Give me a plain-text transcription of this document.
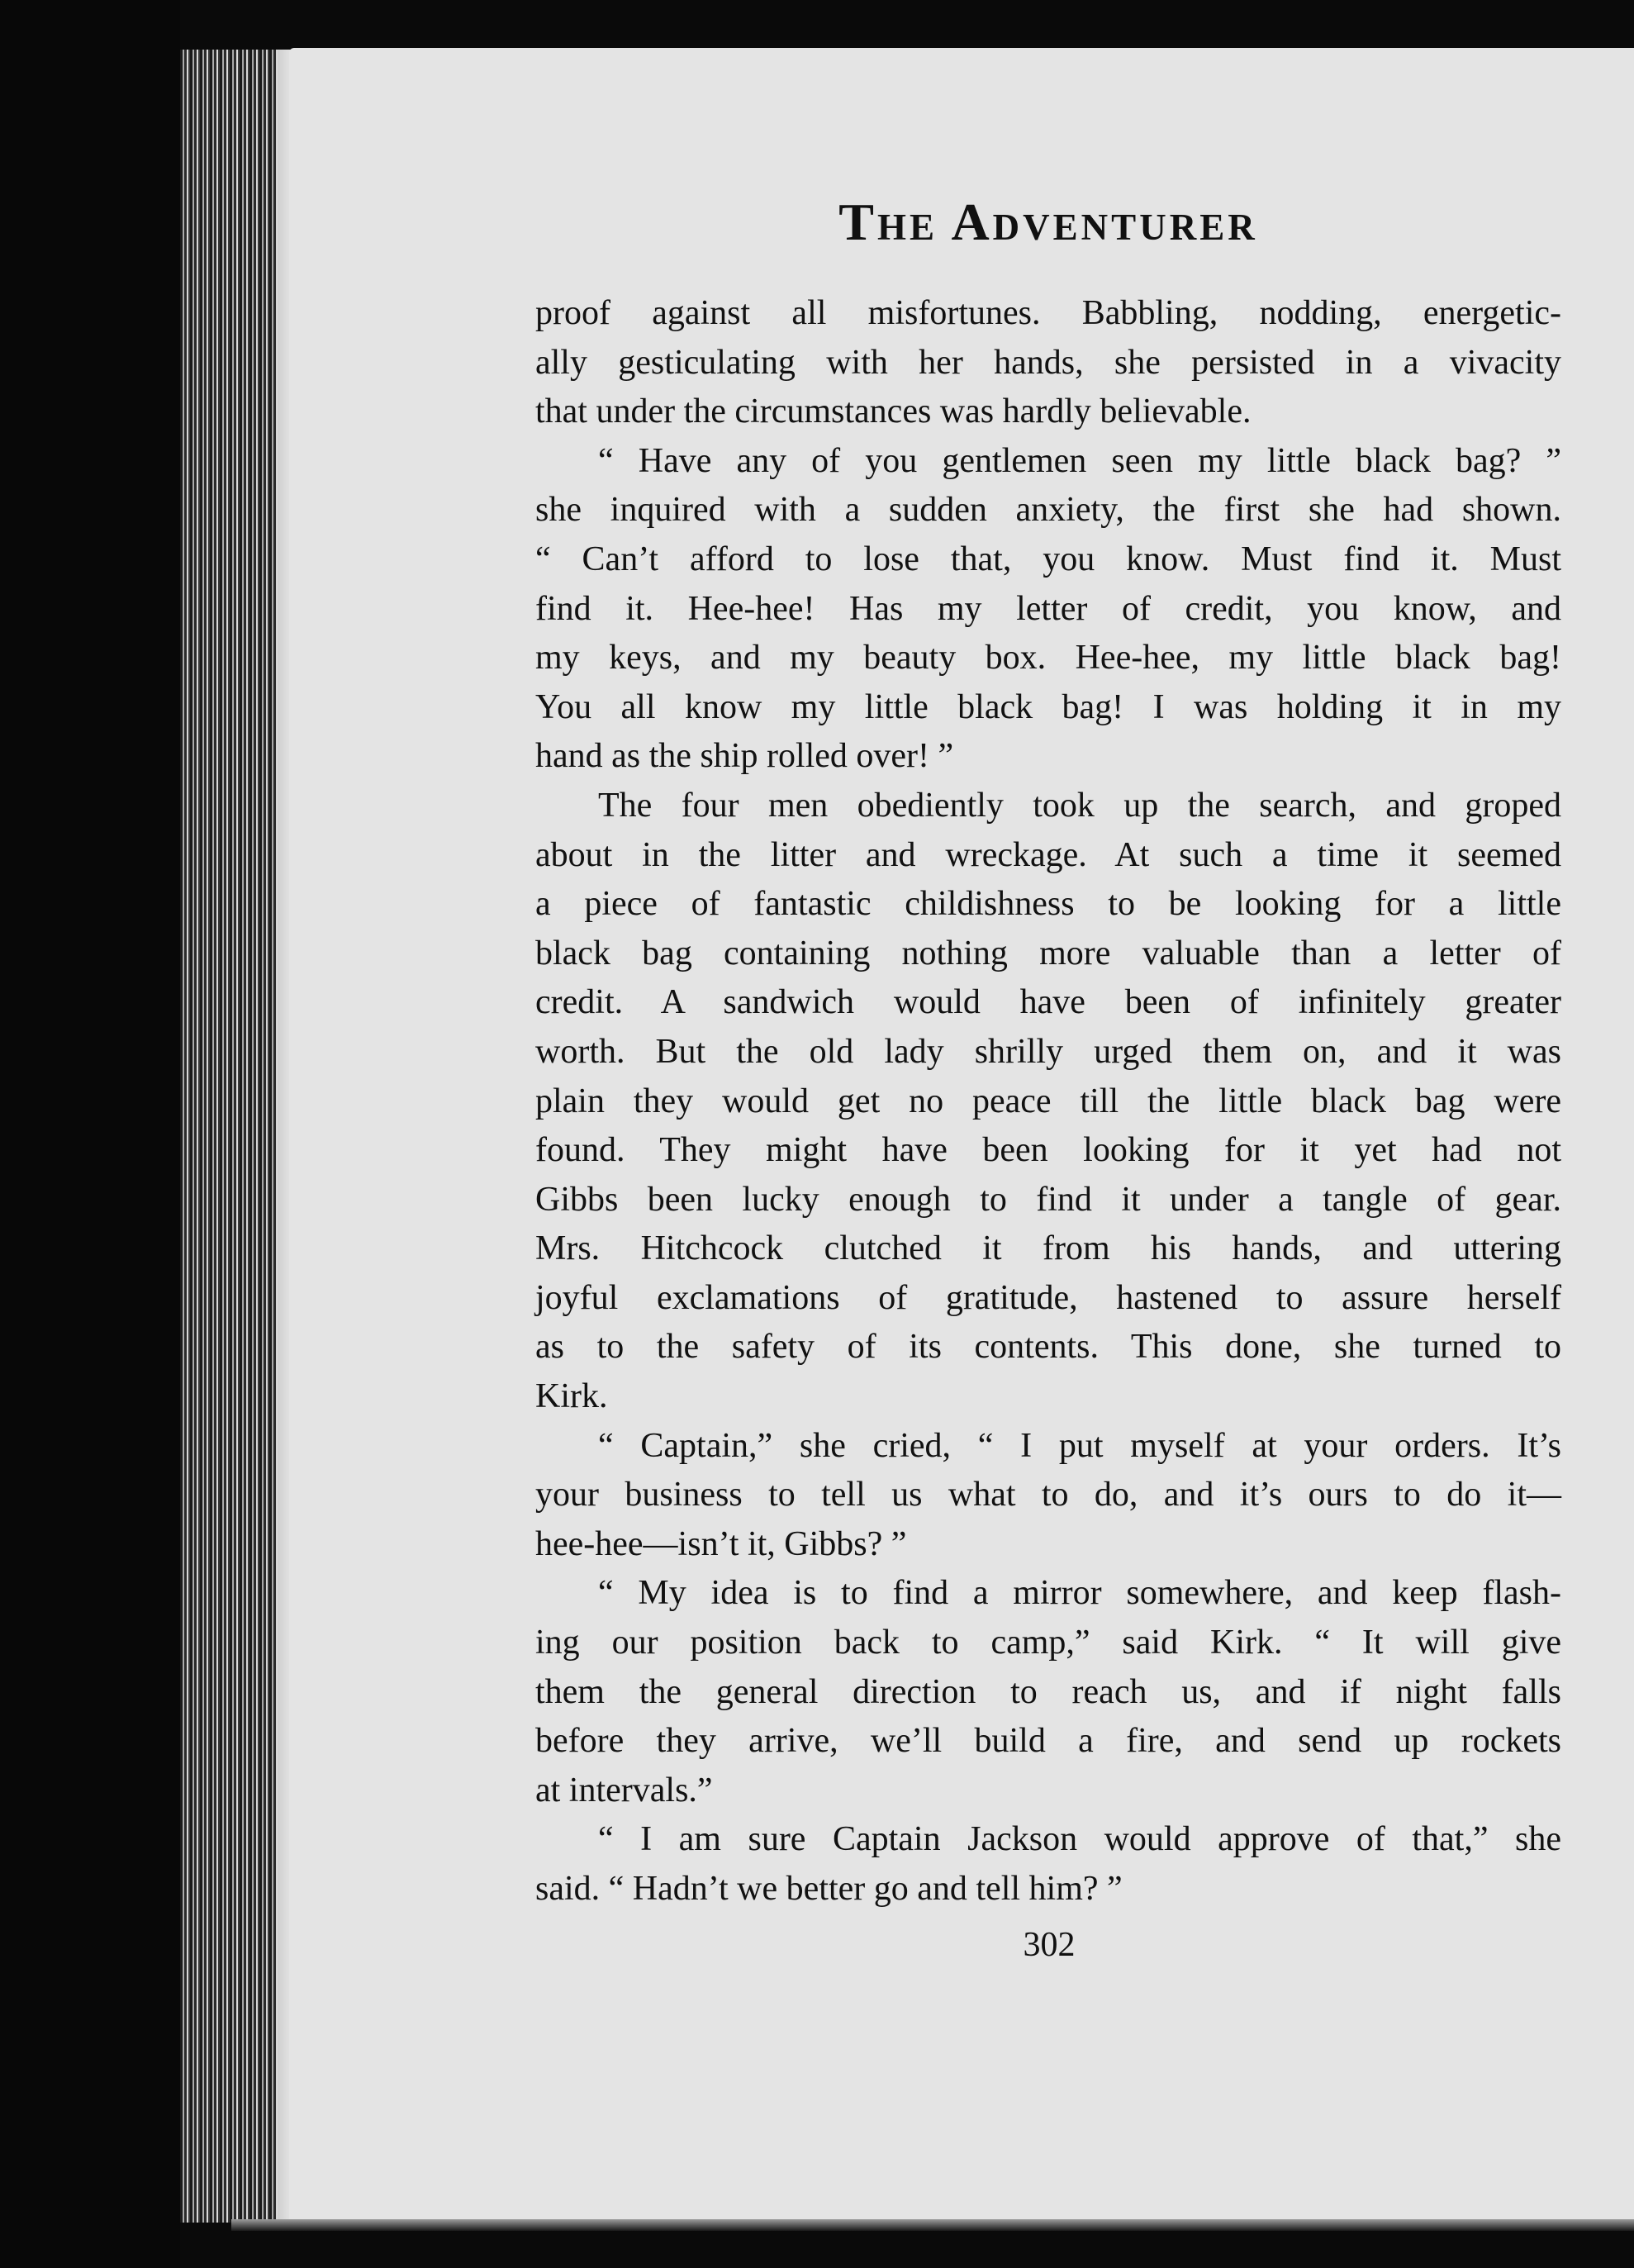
The Adventurer

proof against all misfortunes. Babbling, nodding, energetic-

ally gesticulating with her hands, she persisted in a vivacity

that under the circumstances was hardly believable.

“ Have any of you gentlemen seen my little black bag? ”

she inquired with a sudden anxiety, the first she had shown.

“ Can’t afford to lose that, you know. Must find it. Must

find it. Hee-hee! Has my letter of credit, you know, and

my keys, and my beauty box. Hee-hee, my little black bag!

You all know my little black bag! I was holding it in my

hand as the ship rolled over! ”

The four men obediently took up the search, and groped

about in the litter and wreckage. At such a time it seemed

a piece of fantastic childishness to be looking for a little

black bag containing nothing more valuable than a letter of

credit. A sandwich would have been of infinitely greater

worth. But the old lady shrilly urged them on, and it was

plain they would get no peace till the little black bag were

found. They might have been looking for it yet had not

Gibbs been lucky enough to find it under a tangle of gear.

Mrs. Hitchcock clutched it from his hands, and uttering

joyful exclamations of gratitude, hastened to assure herself

as to the safety of its contents. This done, she turned to

Kirk.

“ Captain,” she cried, “ I put myself at your orders. It’s

your business to tell us what to do, and it’s ours to do it—

hee-hee—isn’t it, Gibbs? ”

“ My idea is to find a mirror somewhere, and keep flash-

ing our position back to camp,” said Kirk. “ It will give

them the general direction to reach us, and if night falls

before they arrive, we’ll build a fire, and send up rockets

at intervals.”

“ I am sure Captain Jackson would approve of that,” she

said. “ Hadn’t we better go and tell him? ”

302
